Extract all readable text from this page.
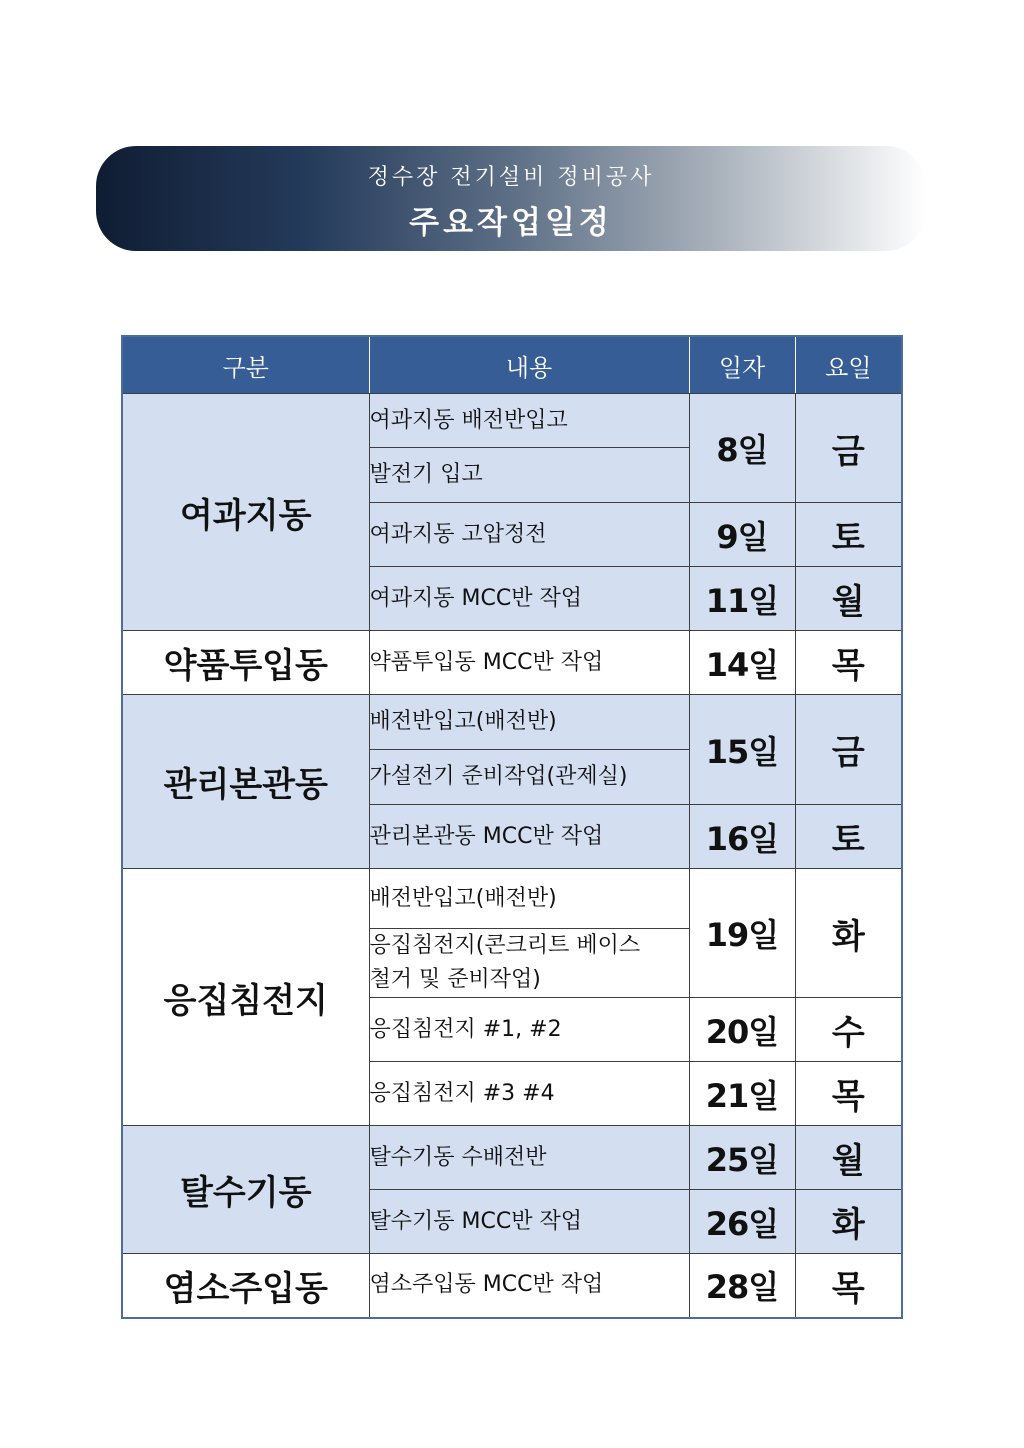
정수장 전기설비 정비공사
주요작업일정
구분	내용	일자	요일
여과지동	여과지동 배전반입고	8일	금
	발전기 입고		
	여과지동 고압정전	9일	토
	여과지동 MCC반 작업	11일	월
약품투입동	약품투입동 MCC반 작업	14일	목
관리본관동	배전반입고(배전반)	15일	금
	가설전기 준비작업(관제실)		
	관리본관동 MCC반 작업	16일	토
응집침전지	배전반입고(배전반)	19일	화

	응집침전지(콘크리트 베이스
철거 및 준비작업)		

	응집침전지 #1, #2	20일	수
	응집침전지 #3 #4	21일	목
탈수기동	탈수기동 수배전반	25일	월
	탈수기동 MCC반 작업	26일	화
염소주입동	염소주입동 MCC반 작업	28일	목
